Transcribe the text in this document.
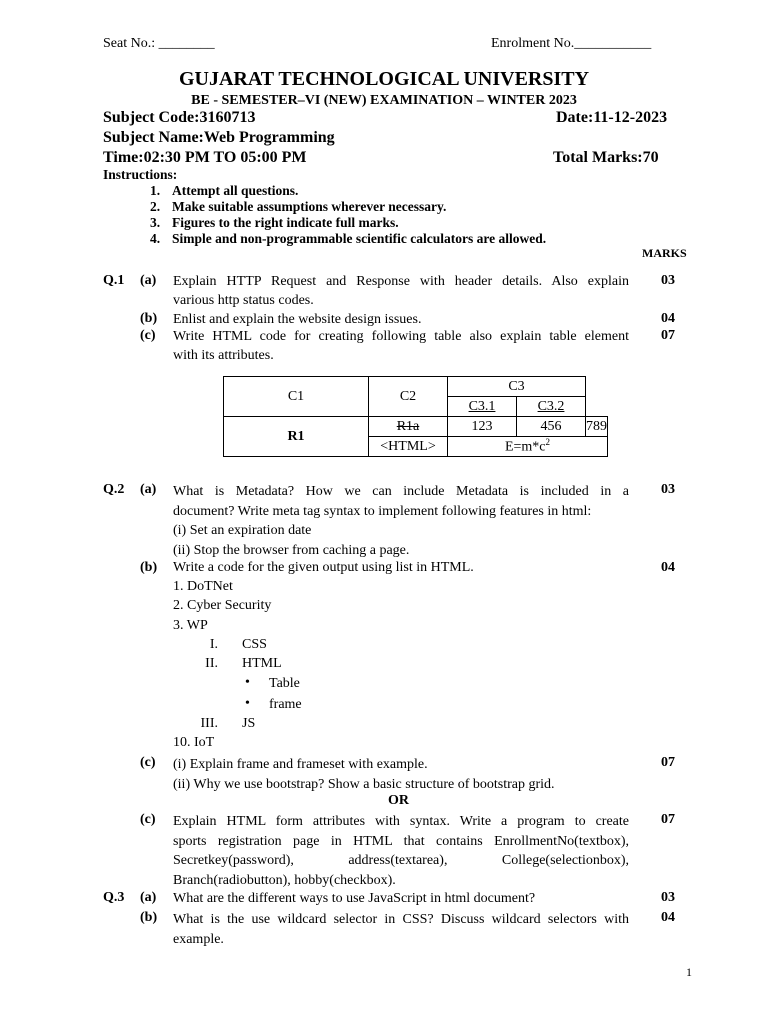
Seat No.: ________	Enrolment No.___________
GUJARAT TECHNOLOGICAL UNIVERSITY
BE - SEMESTER–VI (NEW) EXAMINATION – WINTER 2023
Subject Code:3160713	Date:11-12-2023
Subject Name:Web Programming
Time:02:30 PM TO 05:00 PM	Total Marks:70
Instructions:
1. Attempt all questions.
2. Make suitable assumptions wherever necessary.
3. Figures to the right indicate full marks.
4. Simple and non-programmable scientific calculators are allowed.
MARKS
Q.1 (a) Explain HTTP Request and Response with header details. Also explain
various http status codes.
03
(b) Enlist and explain the website design issues.	04
(c) Write HTML code for creating following table also explain table element
with its attributes.
07
C1	C2	C3		
		C3.1	C3.2	
R1	R1a	123	456	789
	<HTML>	$E=m*c^2$
Q.2 (a) What is Metadata? How we can include Metadata is included in a
document? Write meta tag syntax to implement following features in html:
(i) Set an expiration date
(ii) Stop the browser from caching a page.
03
(b) Write a code for the given output using list in HTML.	04
1. DoTNet
2. Cyber Security
3. WP
I. CSS
II. HTML
• Table
• frame
III. JS
10. IoT
(c) (i) Explain frame and frameset with example.
(ii) Why we use bootstrap? Show a basic structure of bootstrap grid.
07
OR
(c) Explain HTML form attributes with syntax. Write a program to create
sports registration page in HTML that contains EnrollmentNo(textbox),
Secretkey(password), address(textarea), College(selectionbox),
Branch(radiobutton), hobby(checkbox).
07
Q.3 (a) What are the different ways to use JavaScript in html document?	03
(b) What is the use wildcard selector in CSS? Discuss wildcard selectors with
example.
04
1
